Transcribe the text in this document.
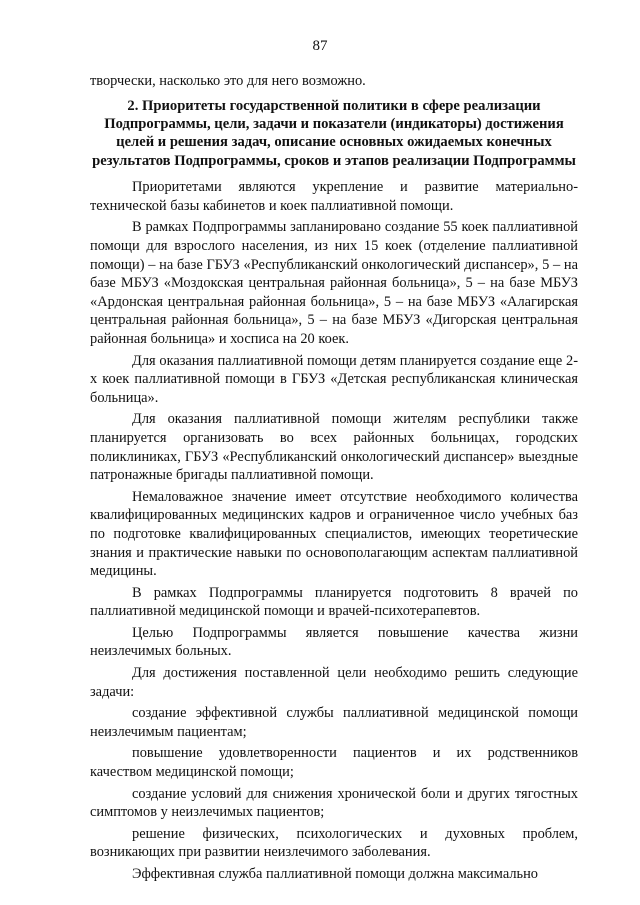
87

творчески, насколько это для него возможно.

2. Приоритеты государственной политики в сфере реализации Подпрограммы, цели, задачи и показатели (индикаторы) достижения целей и решения задач, описание основных ожидаемых конечных результатов Подпрограммы, сроков и этапов реализации Подпрограммы

Приоритетами являются укрепление и развитие материально-технической базы кабинетов и коек паллиативной помощи.

В рамках Подпрограммы запланировано создание 55 коек паллиативной помощи для взрослого населения, из них 15 коек (отделение паллиативной помощи) – на базе ГБУЗ «Республиканский онкологический диспансер», 5 – на базе МБУЗ «Моздокская центральная районная больница», 5 – на базе МБУЗ «Ардонская центральная районная больница», 5 – на базе МБУЗ «Алагирская центральная районная больница», 5 – на базе МБУЗ «Дигорская центральная районная больница» и хосписа на 20 коек.

Для оказания паллиативной помощи детям планируется создание еще 2-х коек паллиативной помощи в ГБУЗ «Детская республиканская клиническая больница».

Для оказания паллиативной помощи жителям республики также планируется организовать во всех районных больницах, городских поликлиниках, ГБУЗ «Республиканский онкологический диспансер» выездные патронажные бригады паллиативной помощи.

Немаловажное значение имеет отсутствие необходимого количества квалифицированных медицинских кадров и ограниченное число учебных баз по подготовке квалифицированных специалистов, имеющих теоретические знания и практические навыки по основополагающим аспектам паллиативной медицины.

В рамках Подпрограммы планируется подготовить 8 врачей по паллиативной медицинской помощи и врачей-психотерапевтов.

Целью Подпрограммы является повышение качества жизни неизлечимых больных.

Для достижения поставленной цели необходимо решить следующие задачи:

создание эффективной службы паллиативной медицинской помощи неизлечимым пациентам;

повышение удовлетворенности пациентов и их родственников качеством медицинской помощи;

создание условий для снижения хронической боли и других тягостных симптомов у неизлечимых пациентов;

решение физических, психологических и духовных проблем, возникающих при развитии неизлечимого заболевания.

Эффективная служба паллиативной помощи должна максимально
